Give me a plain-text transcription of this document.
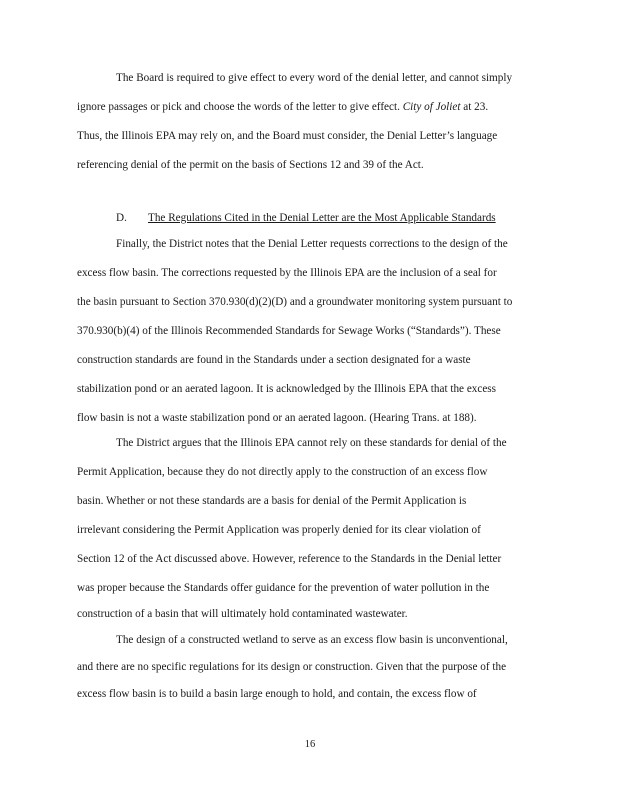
The Board is required to give effect to every word of the denial letter, and cannot simply
ignore passages or pick and choose the words of the letter to give effect. City of Joliet at 23.
Thus, the Illinois EPA may rely on, and the Board must consider, the Denial Letter’s language
referencing denial of the permit on the basis of Sections 12 and 39 of the Act.
D. The Regulations Cited in the Denial Letter are the Most Applicable Standards
Finally, the District notes that the Denial Letter requests corrections to the design of the
excess flow basin. The corrections requested by the Illinois EPA are the inclusion of a seal for
the basin pursuant to Section 370.930(d)(2)(D) and a groundwater monitoring system pursuant to
370.930(b)(4) of the Illinois Recommended Standards for Sewage Works (“Standards”). These
construction standards are found in the Standards under a section designated for a waste
stabilization pond or an aerated lagoon. It is acknowledged by the Illinois EPA that the excess
flow basin is not a waste stabilization pond or an aerated lagoon. (Hearing Trans. at 188).
The District argues that the Illinois EPA cannot rely on these standards for denial of the
Permit Application, because they do not directly apply to the construction of an excess flow
basin. Whether or not these standards are a basis for denial of the Permit Application is
irrelevant considering the Permit Application was properly denied for its clear violation of
Section 12 of the Act discussed above. However, reference to the Standards in the Denial letter
was proper because the Standards offer guidance for the prevention of water pollution in the
construction of a basin that will ultimately hold contaminated wastewater.
The design of a constructed wetland to serve as an excess flow basin is unconventional,
and there are no specific regulations for its design or construction. Given that the purpose of the
excess flow basin is to build a basin large enough to hold, and contain, the excess flow of
16
